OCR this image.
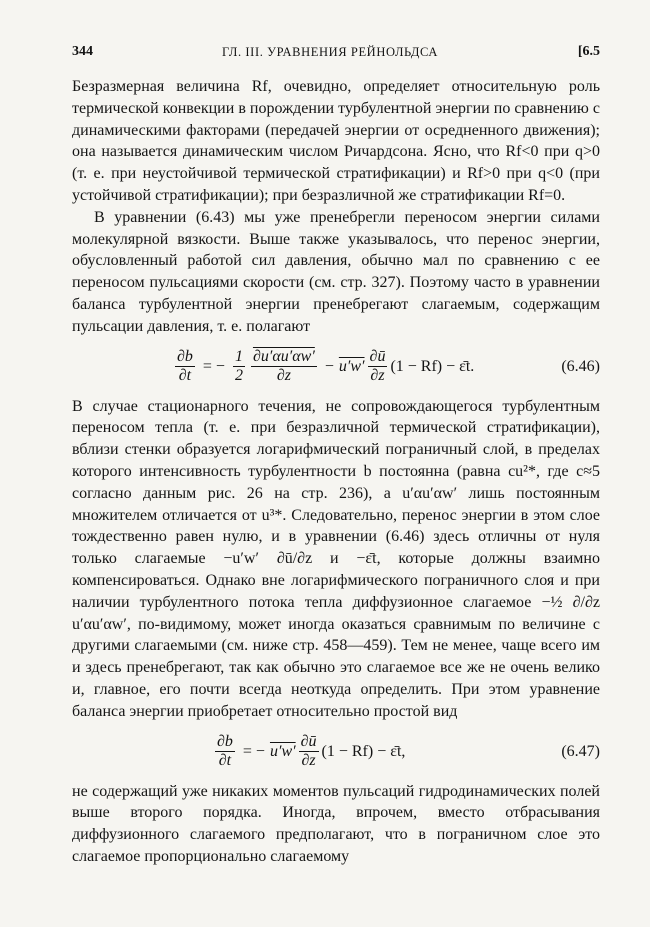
344	ГЛ. III. УРАВНЕНИЯ РЕЙНОЛЬДСА	[6.5

Безразмерная величина Rf, очевидно, определяет относительную роль термической конвекции в порождении турбулентной энергии по сравнению с динамическими факторами (передачей энергии от осредненного движения); она называется динамическим числом Ричардсона. Ясно, что Rf<0 при q>0 (т. е. при неустойчивой термической стратификации) и Rf>0 при q<0 (при устойчивой стратификации); при безразличной же стратификации Rf=0.

В уравнении (6.43) мы уже пренебрегли переносом энергии силами молекулярной вязкости. Выше также указывалось, что перенос энергии, обусловленный работой сил давления, обычно мал по сравнению с ее переносом пульсациями скорости (см. стр. 327). Поэтому часто в уравнении баланса турбулентной энергии пренебрегают слагаемым, содержащим пульсации давления, т. е. полагают

$\frac{\partial b}{\partial t}$ = − $\frac{1}{2} \frac{\partial u'\alpha u'\alpha w'}{\partial z} - u'w' \frac{\partial ū}{\partial z} (1 - Rf)$ − ε̄t.	(6.46)

В случае стационарного течения, не сопровождающегося турбулентным переносом тепла (т. е. при безразличной термической стратификации), вблизи стенки образуется логарифмический пограничный слой, в пределах которого интенсивность турбулентности b постоянна (равна cu²*, где c≈5 согласно данным рис. 26 на стр. 236), а u′αu′αw′ лишь постоянным множителем отличается от u³*. Следовательно, перенос энергии в этом слое тождественно равен нулю, и в уравнении (6.46) здесь отличны от нуля только слагаемые −u′w′ ∂ū/∂z и −ε̄t, которые должны взаимно компенсироваться. Однако вне логарифмического пограничного слоя и при наличии турбулентного потока тепла диффузионное слагаемое −½ ∂/∂z u′αu′αw′, по-видимому, может иногда оказаться сравнимым по величине с другими слагаемыми (см. ниже стр. 458—459). Тем не менее, чаще всего им и здесь пренебрегают, так как обычно это слагаемое все же не очень велико и, главное, его почти всегда неоткуда определить. При этом уравнение баланса энергии приобретает относительно простой вид

$\frac{\partial b}{\partial t}$ = − $u'w' \frac{\partial ū}{\partial z} (1 - Rf)$ − ε̄t,	(6.47)

не содержащий уже никаких моментов пульсаций гидродинамических полей выше второго порядка. Иногда, впрочем, вместо отбрасывания диффузионного слагаемого предполагают, что в пограничном слое это слагаемое пропорционально слагаемому
